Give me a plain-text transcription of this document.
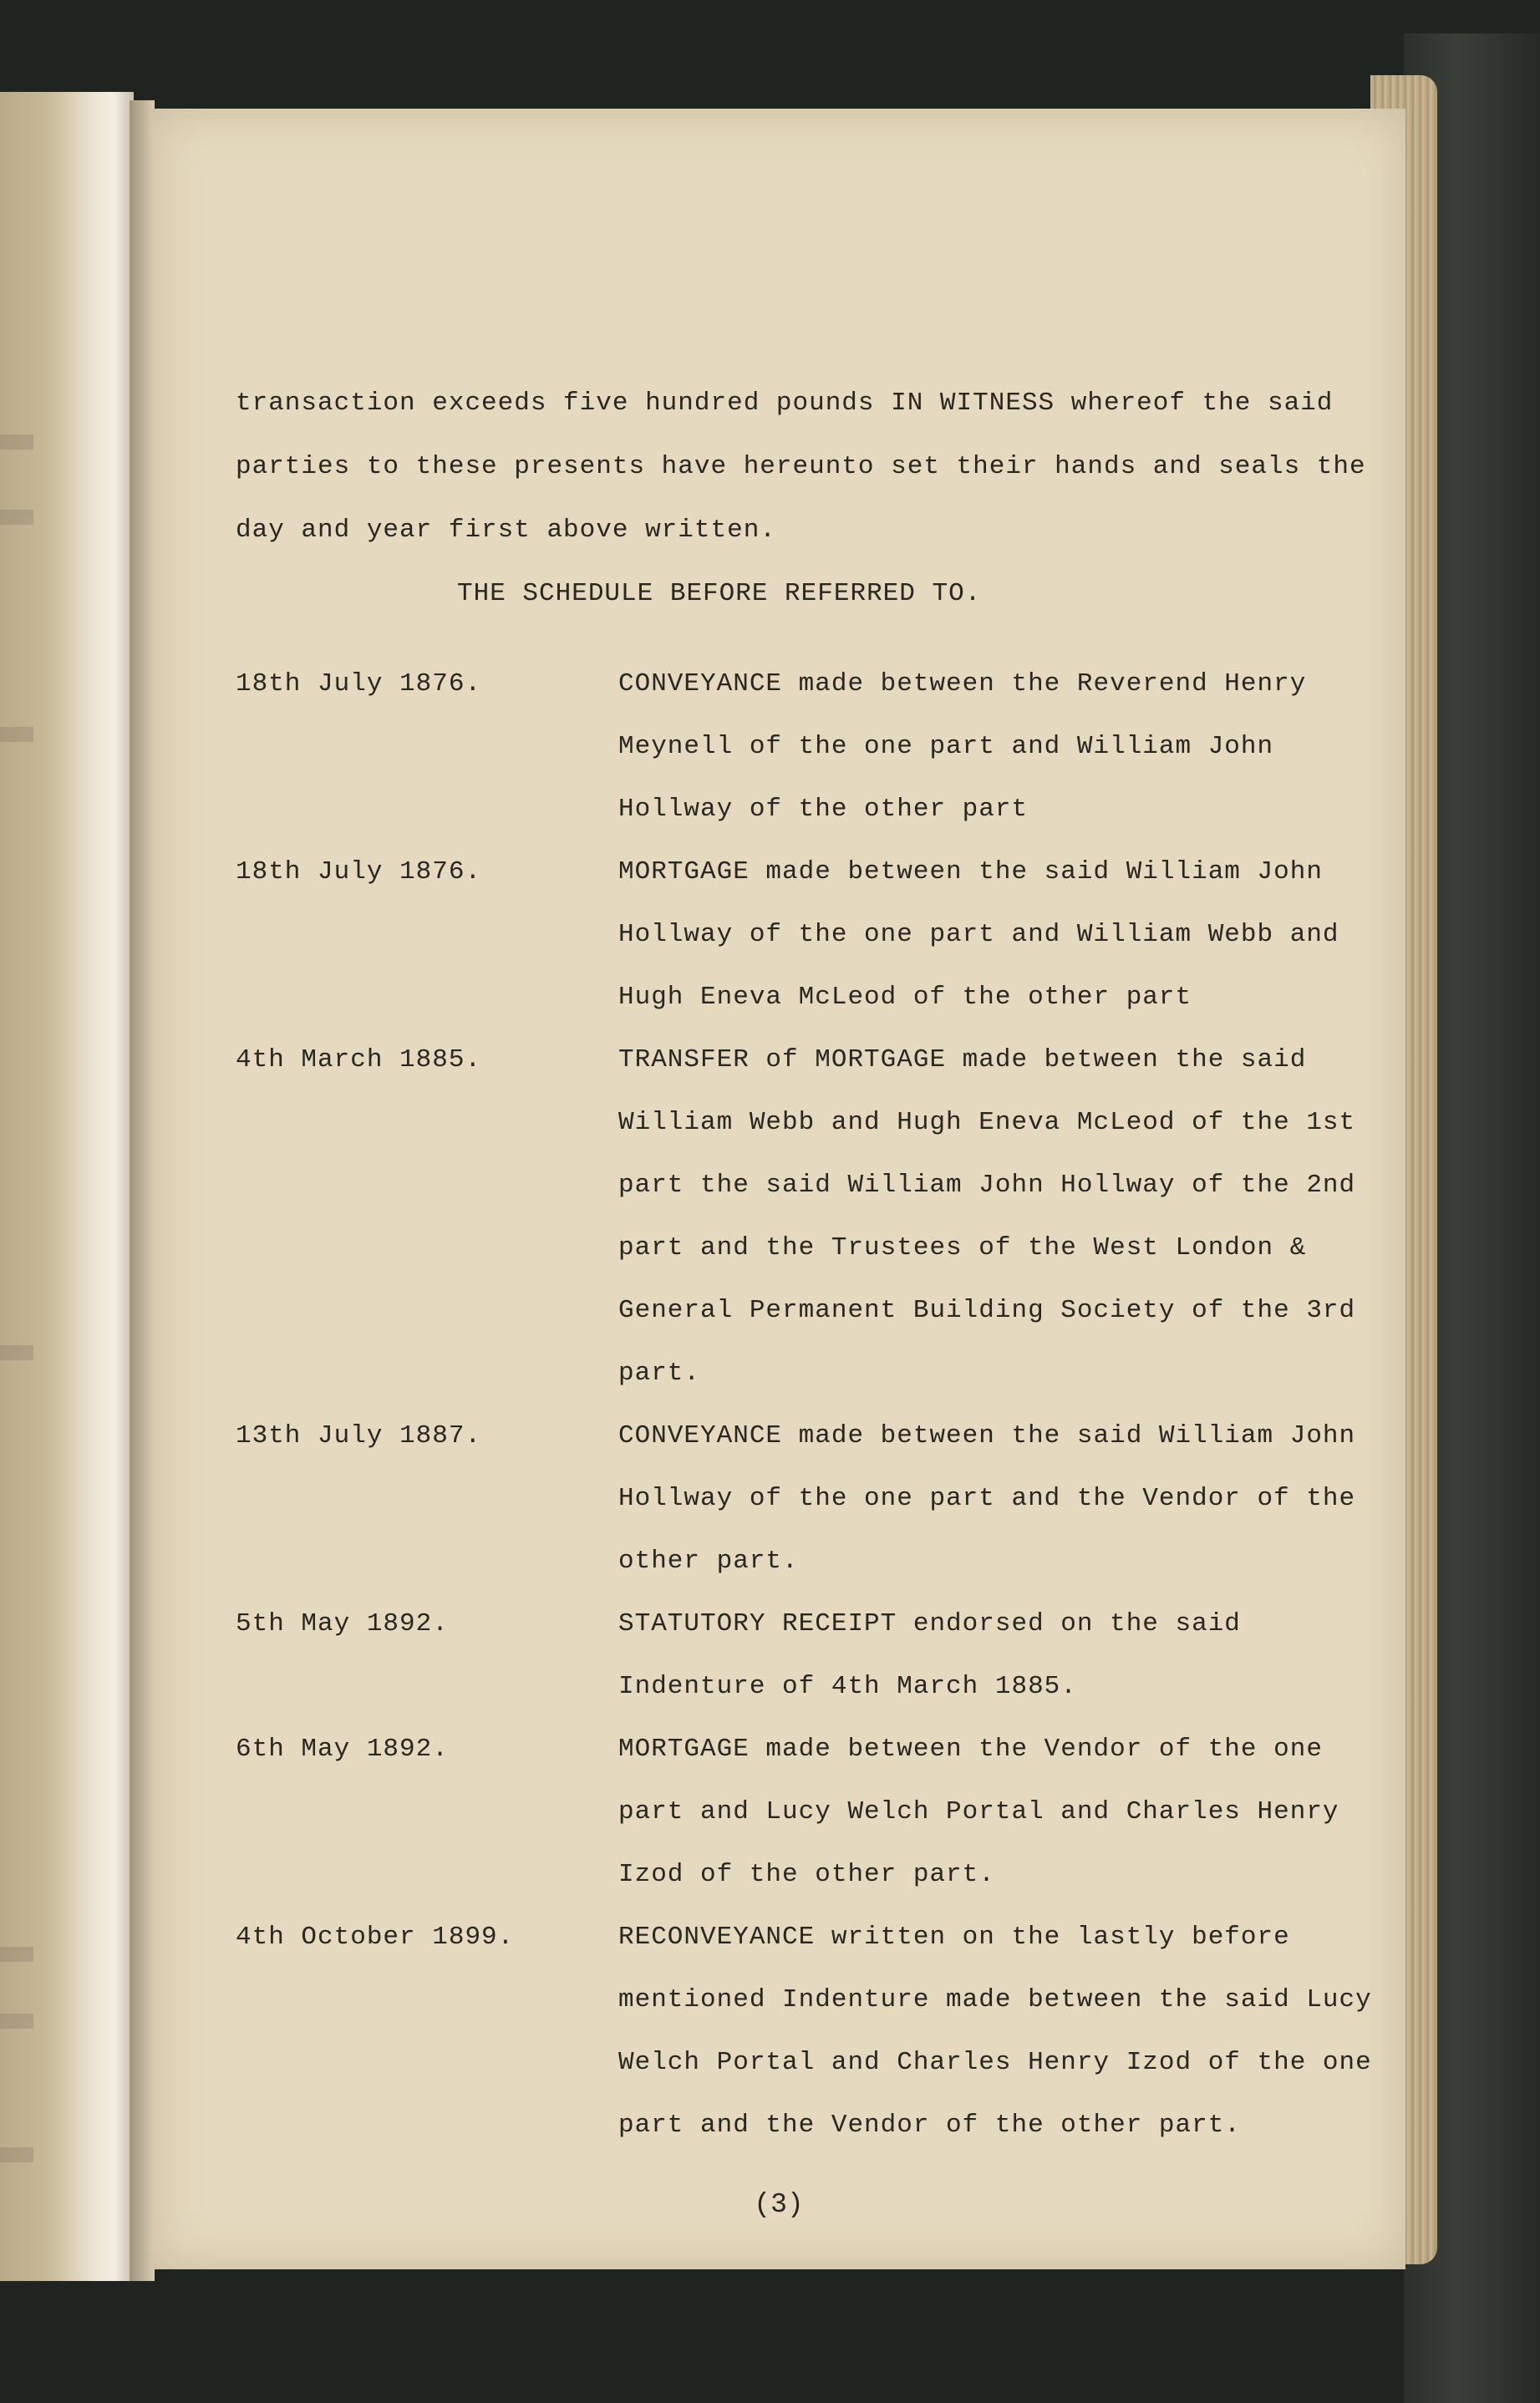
transaction exceeds five hundred pounds IN WITNESS whereof the said

parties to these presents have hereunto set their hands and seals the

day and year first above written.

THE SCHEDULE BEFORE REFERRED TO.

18th July 1876.	CONVEYANCE made between the Reverend Henry
Meynell of the one part and William John
Hollway of the other part
18th July 1876.	MORTGAGE made between the said William John
Hollway of the one part and William Webb and
Hugh Eneva McLeod of the other part
4th March 1885.	TRANSFER of MORTGAGE made between the said
William Webb and Hugh Eneva McLeod of the 1st
part the said William John Hollway of the 2nd
part and the Trustees of the West London &
General Permanent Building Society of the 3rd
part.
13th July 1887.	CONVEYANCE made between the said William John
Hollway of the one part and the Vendor of the
other part.
5th May 1892.	STATUTORY RECEIPT endorsed on the said
Indenture of 4th March 1885.
6th May 1892.	MORTGAGE made between the Vendor of the one
part and Lucy Welch Portal and Charles Henry
Izod of the other part.
4th October 1899.	RECONVEYANCE written on the lastly before
mentioned Indenture made between the said Lucy
Welch Portal and Charles Henry Izod of the one
part and the Vendor of the other part.
(3)
